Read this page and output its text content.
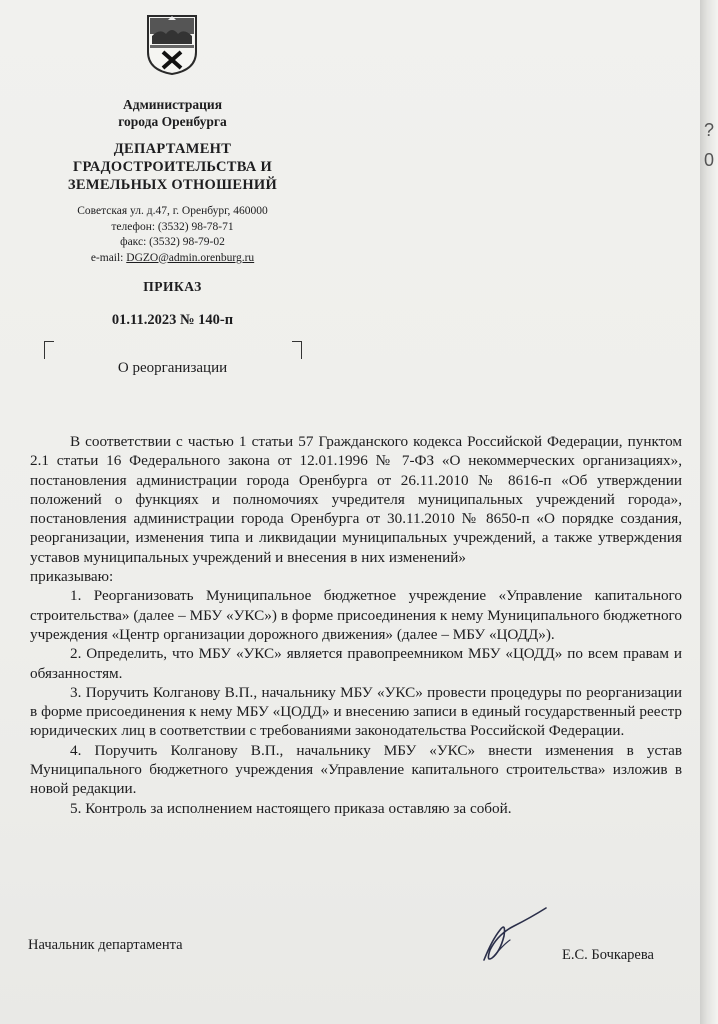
Администрация
города Оренбурга
ДЕПАРТАМЕНТ
ГРАДОСТРОИТЕЛЬСТВА И
ЗЕМЕЛЬНЫХ ОТНОШЕНИЙ
Советская ул. д.47, г. Оренбург, 460000
телефон: (3532) 98-78-71
факс: (3532) 98-79-02
e-mail: DGZO@admin.orenburg.ru
ПРИКАЗ
01.11.2023 № 140-п
О реорганизации

В соответствии с частью 1 статьи 57 Гражданского кодекса Российской Федерации, пунктом 2.1 статьи 16 Федерального закона от 12.01.1996 № 7-ФЗ «О некоммерческих организациях», постановления администрации города Оренбурга от 26.11.2010 № 8616-п «Об утверждении положений о функциях и полномочиях учредителя муниципальных учреждений города», постановления администрации города Оренбурга от 30.11.2010 № 8650-п «О порядке создания, реорганизации, изменения типа и ликвидации муниципальных учреждений, а также утверждения уставов муниципальных учреждений и внесения в них изменений»

приказываю:

1. Реорганизовать Муниципальное бюджетное учреждение «Управление капитального строительства» (далее – МБУ «УКС») в форме присоединения к нему Муниципального бюджетного учреждения «Центр организации дорожного движения» (далее – МБУ «ЦОДД»).

2. Определить, что МБУ «УКС» является правопреемником МБУ «ЦОДД» по всем правам и обязанностям.

3. Поручить Колганову В.П., начальнику МБУ «УКС» провести процедуры по реорганизации в форме присоединения к нему МБУ «ЦОДД» и внесению записи в единый государственный реестр юридических лиц в соответствии с требованиями законодательства Российской Федерации.

4. Поручить Колганову В.П., начальнику МБУ «УКС» внести изменения в устав Муниципального бюджетного учреждения «Управление капитального строительства» изложив в новой редакции.

5. Контроль за исполнением настоящего приказа оставляю за собой.

Начальник департамента
Е.С. Бочкарева
?
0
